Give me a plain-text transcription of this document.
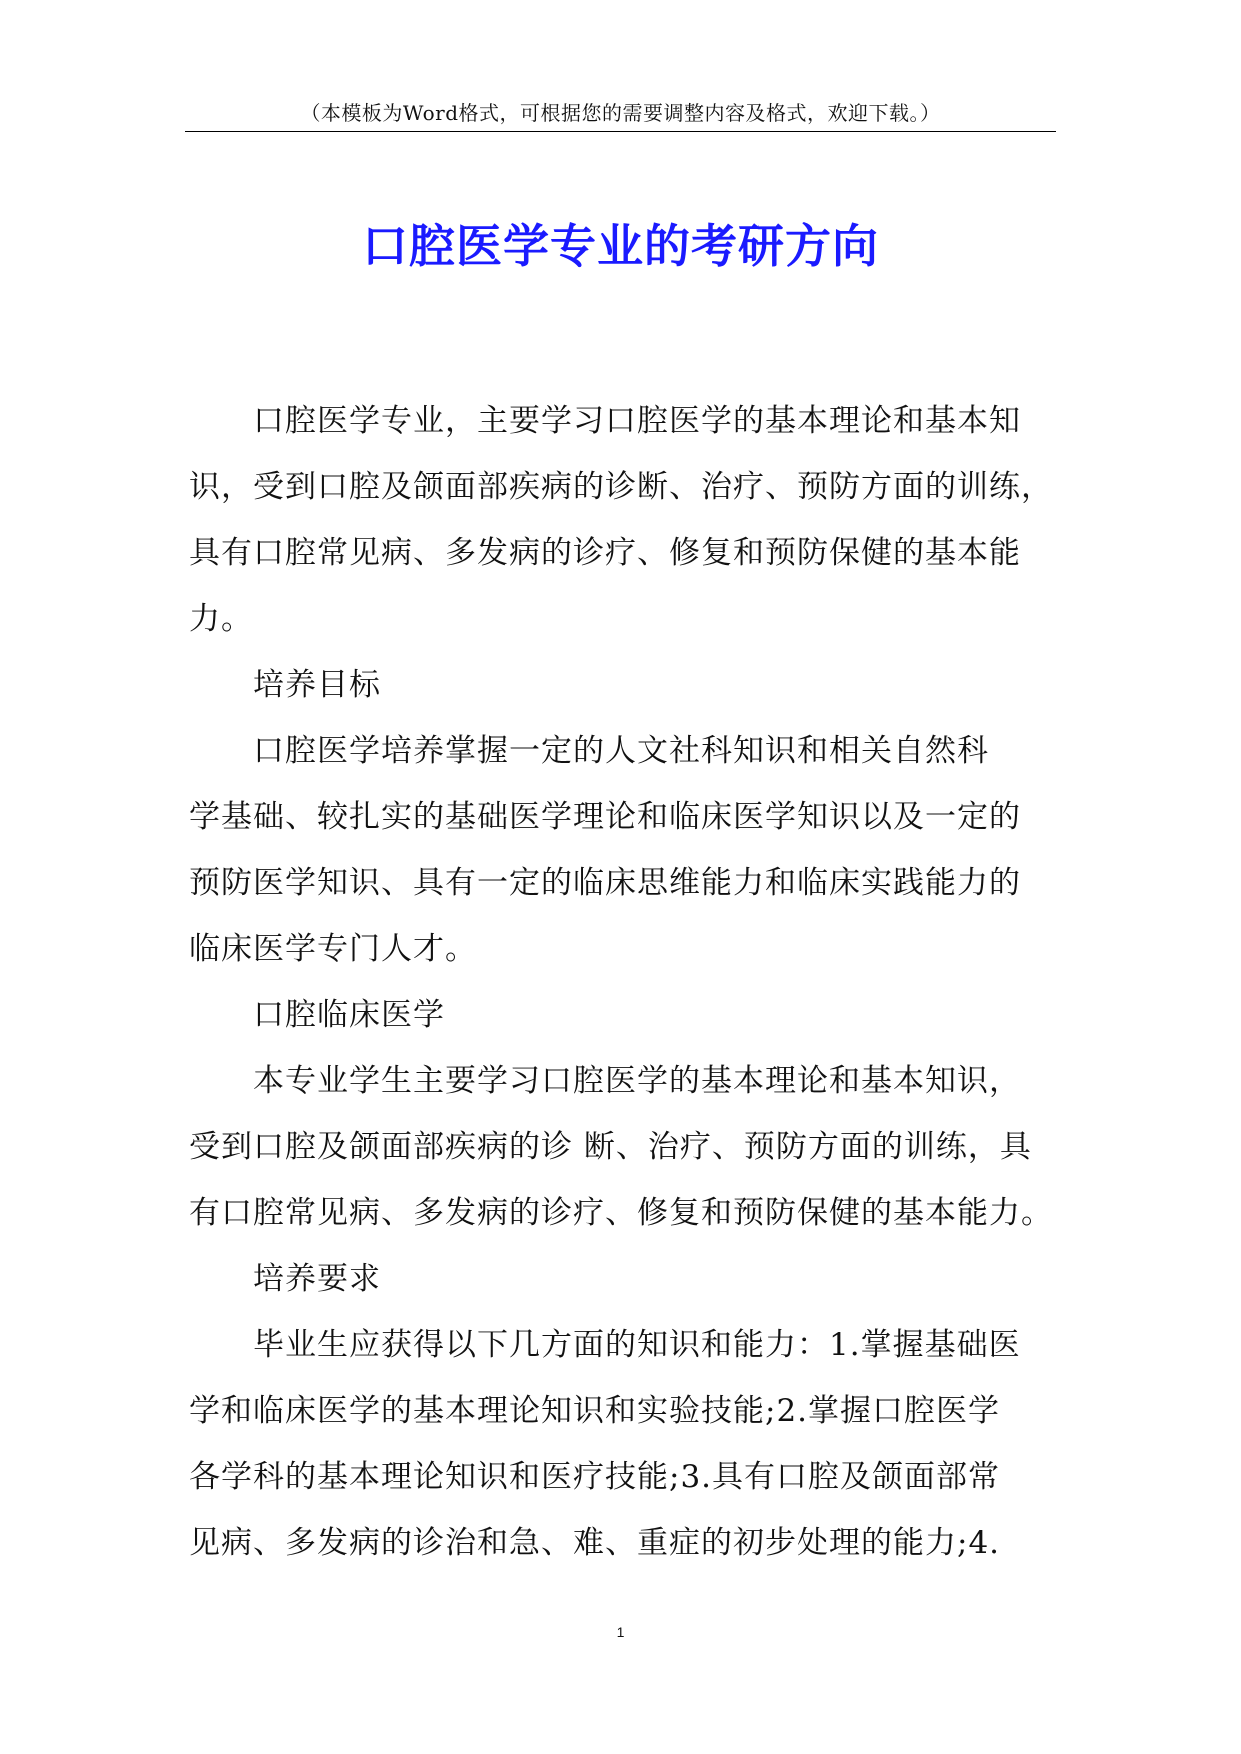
（本模板为Word格式，可根据您的需要调整内容及格式，欢迎下载。）
口腔医学专业的考研方向
口腔医学专业，主要学习口腔医学的基本理论和基本知
识，受到口腔及颌面部疾病的诊断、治疗、预防方面的训练，
具有口腔常见病、多发病的诊疗、修复和预防保健的基本能
力。
培养目标
口腔医学培养掌握一定的人文社科知识和相关自然科
学基础、较扎实的基础医学理论和临床医学知识以及一定的
预防医学知识、具有一定的临床思维能力和临床实践能力的
临床医学专门人才。
口腔临床医学
本专业学生主要学习口腔医学的基本理论和基本知识，
受到口腔及颌面部疾病的诊 断、治疗、预防方面的训练，具
有口腔常见病、多发病的诊疗、修复和预防保健的基本能力。
培养要求
毕业生应获得以下几方面的知识和能力：1.掌握基础医
学和临床医学的基本理论知识和实验技能;2.掌握口腔医学
各学科的基本理论知识和医疗技能;3.具有口腔及颌面部常
见病、多发病的诊治和急、难、重症的初步处理的能力;4.
1
